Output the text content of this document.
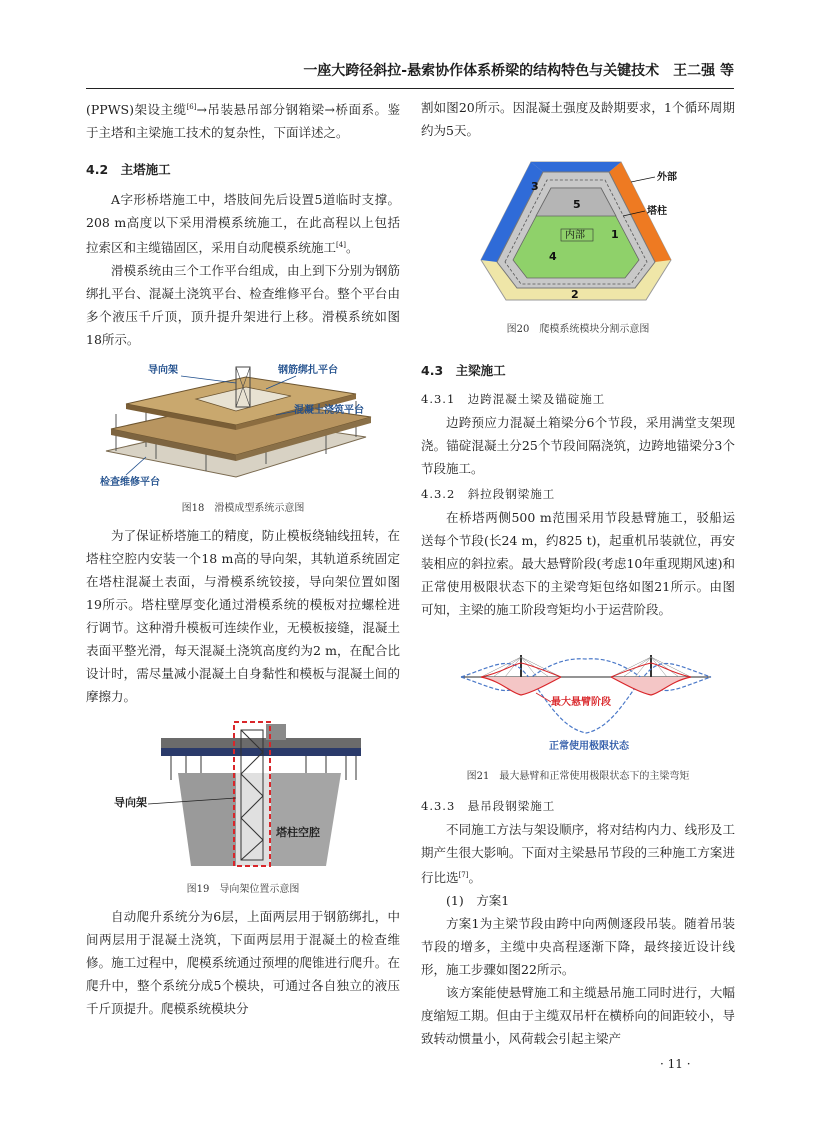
一座大跨径斜拉-悬索协作体系桥梁的结构特色与关键技术　 王二强 等

(PPWS)架设主缆[6]→吊装悬吊部分钢箱梁→桥面系。鉴于主塔和主梁施工技术的复杂性，下面详述之。

4.2　主塔施工

A字形桥塔施工中，塔肢间先后设置5道临时支撑。208 m高度以下采用滑模系统施工，在此高程以上包括拉索区和主缆锚固区，采用自动爬模系统施工[4]。

滑模系统由三个工作平台组成，由上到下分别为钢筋绑扎平台、混凝土浇筑平台、检查维修平台。整个平台由多个液压千斤顶，顶升提升架进行上移。滑模系统如图18所示。

导向架	钢筋绑扎平台
混凝土浇筑平台
检查维修平台
图18　滑模成型系统示意图

为了保证桥塔施工的精度，防止模板绕轴线扭转，在塔柱空腔内安装一个18 m高的导向架，其轨道系统固定在塔柱混凝土表面，与滑模系统铰接，导向架位置如图19所示。塔柱壁厚变化通过滑模系统的模板对拉螺栓进行调节。这种滑升模板可连续作业，无模板接缝，混凝土表面平整光滑，每天混凝土浇筑高度约为2 m，在配合比设计时，需尽量减小混凝土自身黏性和模板与混凝土间的摩擦力。

导向架
塔柱空腔
图19　导向架位置示意图

自动爬升系统分为6层，上面两层用于钢筋绑扎，中间两层用于混凝土浇筑，下面两层用于混凝土的检查维修。施工过程中，爬模系统通过预埋的爬锥进行爬升。在爬升中，整个系统分成5个模块，可通过各自独立的液压千斤顶提升。爬模系统模块分

割如图20所示。因混凝土强度及龄期要求，1个循环周期约为5天。

3
5
1
4
2
内部
外部
塔柱
图20　爬模系统模块分割示意图
4.3　主梁施工
4.3.1　边跨混凝土梁及锚碇施工

边跨预应力混凝土箱梁分6个节段，采用满堂支架现浇。锚碇混凝土分25个节段间隔浇筑，边跨地锚梁分3个节段施工。

4.3.2　斜拉段钢梁施工

在桥塔两侧500 m范围采用节段悬臂施工，驳船运送每个节段(长24 m，约825 t)，起重机吊装就位，再安装相应的斜拉索。最大悬臂阶段(考虑10年重现期风速)和正常使用极限状态下的主梁弯矩包络如图21所示。由图可知，主梁的施工阶段弯矩均小于运营阶段。

最大悬臂阶段
正常使用极限状态
图21　最大悬臂和正常使用极限状态下的主梁弯矩
4.3.3　悬吊段钢梁施工

不同施工方法与架设顺序，将对结构内力、线形及工期产生很大影响。下面对主梁悬吊节段的三种施工方案进行比选[7]。

(1)　方案1

方案1为主梁节段由跨中向两侧逐段吊装。随着吊装节段的增多，主缆中央高程逐渐下降，最终接近设计线形，施工步骤如图22所示。

该方案能使悬臂施工和主缆悬吊施工同时进行，大幅度缩短工期。但由于主缆双吊杆在横桥向的间距较小，导致转动惯量小，风荷载会引起主梁产

· 11 ·
